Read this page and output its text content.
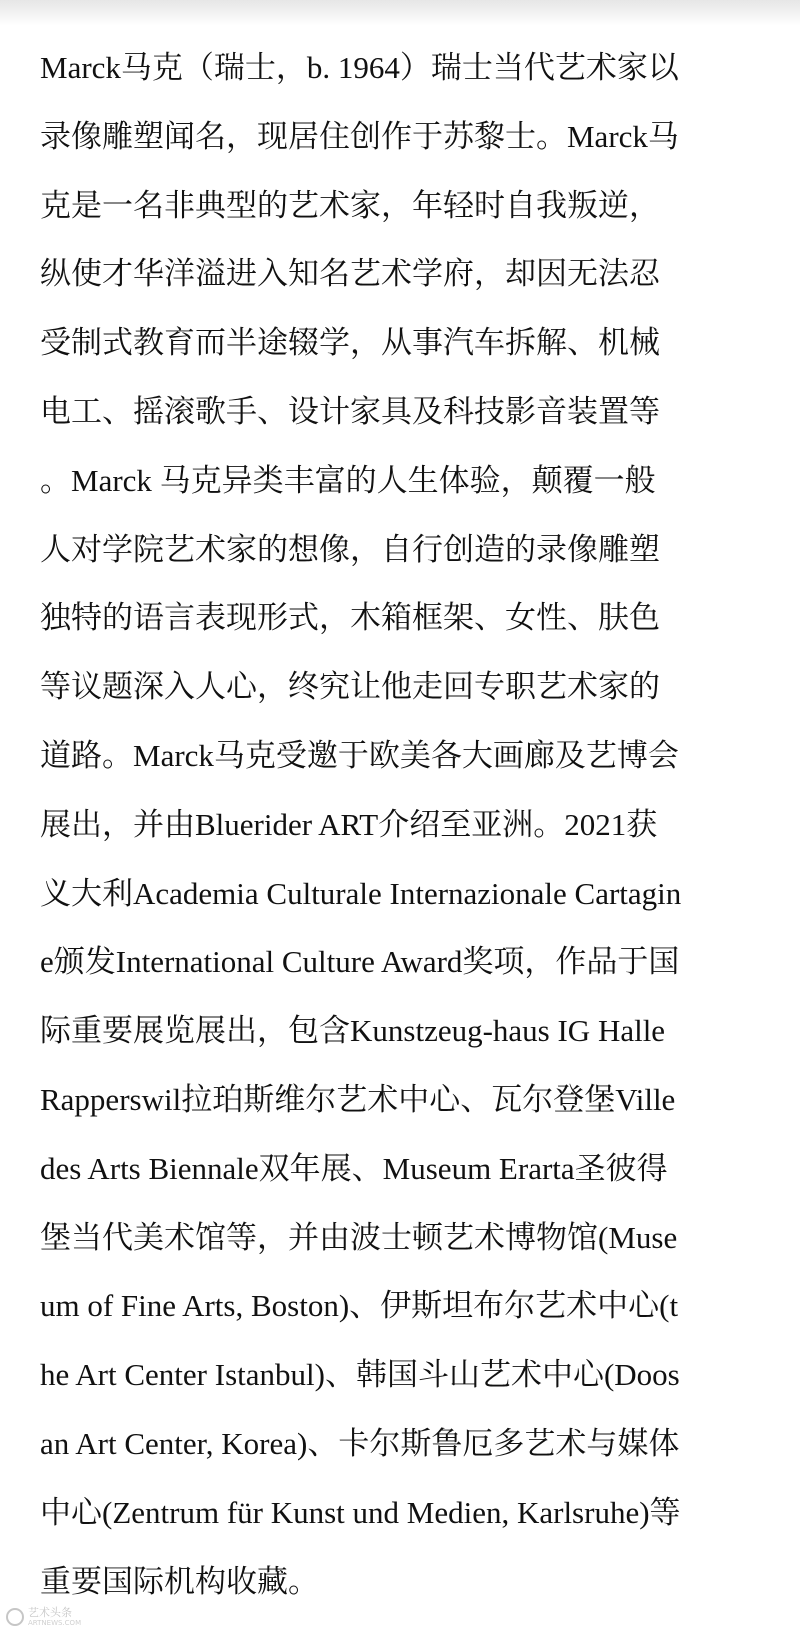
Marck马克（瑞士，b. 1964）瑞士当代艺术家以
录像雕塑闻名，现居住创作于苏黎士。Marck马
克是一名非典型的艺术家，年轻时自我叛逆，
纵使才华洋溢进入知名艺术学府，却因无法忍
受制式教育而半途辍学，从事汽车拆解、机械
电工、摇滚歌手、设计家具及科技影音装置等
。Marck 马克异类丰富的人生体验，颠覆一般
人对学院艺术家的想像，自行创造的录像雕塑
独特的语言表现形式，木箱框架、女性、肤色
等议题深入人心，终究让他走回专职艺术家的
道路。Marck马克受邀于欧美各大画廊及艺博会
展出，并由Bluerider ART介绍至亚洲。2021获
义大利Academia Culturale Internazionale Cartagin
e颁发International Culture Award奖项，作品于国
际重要展览展出，包含Kunstzeug-haus IG Halle
Rapperswil拉珀斯维尔艺术中心、瓦尔登堡Ville
des Arts Biennale双年展、Museum Erarta圣彼得
堡当代美术馆等，并由波士顿艺术博物馆(Muse
um of Fine Arts, Boston)、伊斯坦布尔艺术中心(t
he Art Center Istanbul)、韩国斗山艺术中心(Doos
an Art Center, Korea)、卡尔斯鲁厄多艺术与媒体
中心(Zentrum für Kunst und Medien, Karlsruhe)等
重要国际机构收藏。
艺术头条
ARTNEWS.COM
